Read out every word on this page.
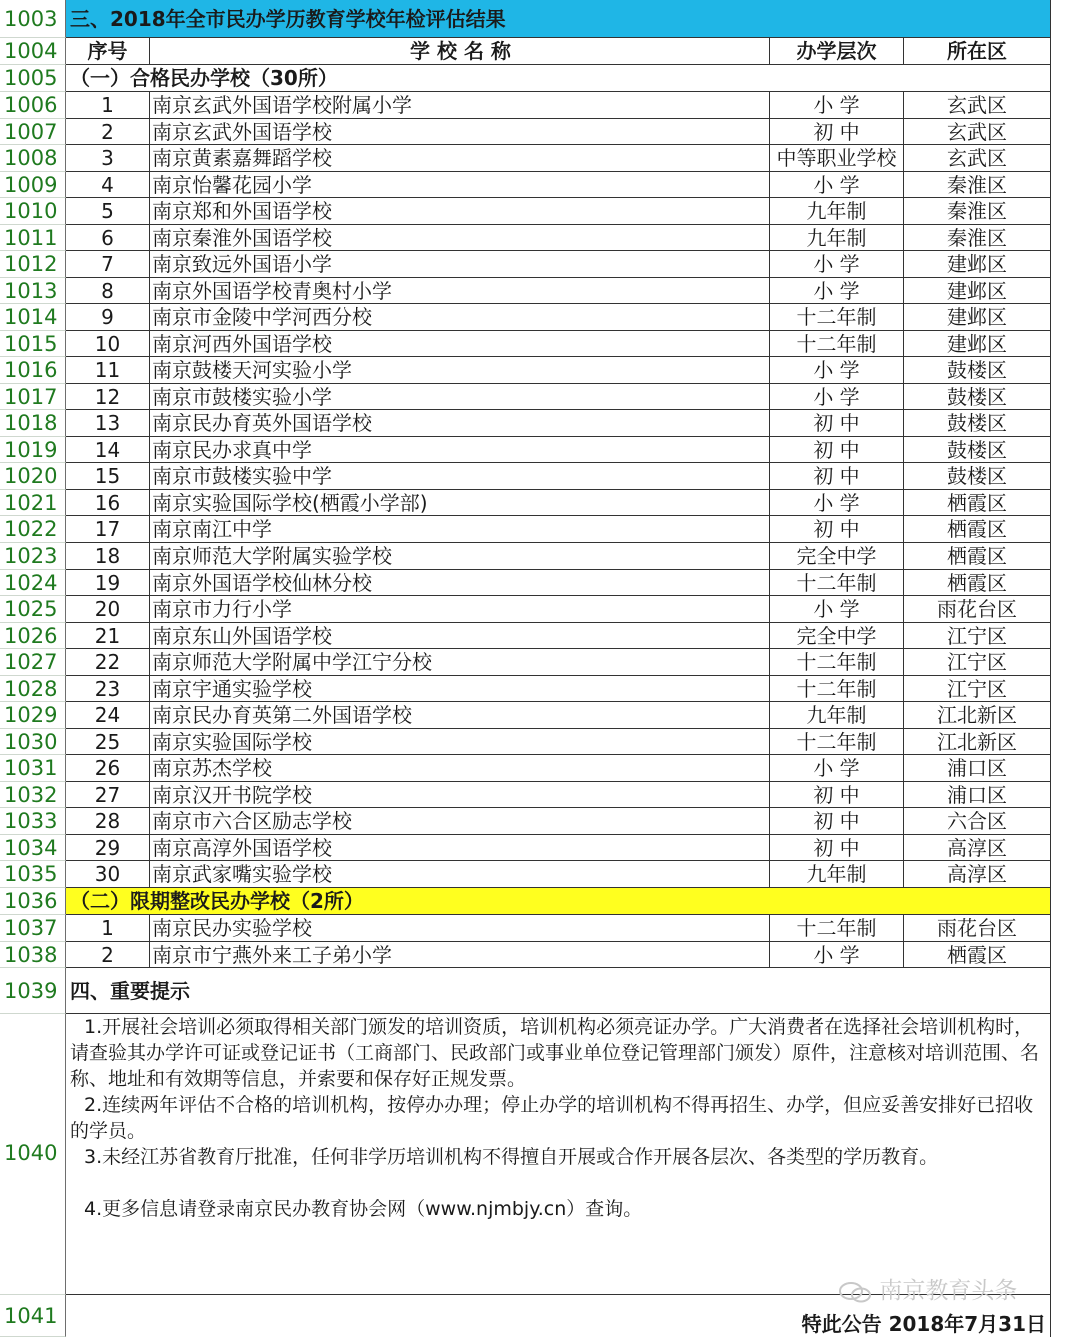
1003 三、2018年全市民办学历教育学校年检评估结果
1004	序号	学 校 名 称	办学层次	所在区
1005 （一）合格民办学校（30所）
1006	1	南京玄武外国语学校附属小学	小 学	玄武区
1007	2	南京玄武外国语学校	初 中	玄武区
1008	3	南京黄素嘉舞蹈学校	中等职业学校	玄武区
1009	4	南京怡馨花园小学	小 学	秦淮区
1010	5	南京郑和外国语学校	九年制	秦淮区
1011	6	南京秦淮外国语学校	九年制	秦淮区
1012	7	南京致远外国语小学	小 学	建邺区
1013	8	南京外国语学校青奥村小学	小 学	建邺区
1014	9	南京市金陵中学河西分校	十二年制	建邺区
1015	10	南京河西外国语学校	十二年制	建邺区
1016	11	南京鼓楼天河实验小学	小 学	鼓楼区
1017	12	南京市鼓楼实验小学	小 学	鼓楼区
1018	13	南京民办育英外国语学校	初 中	鼓楼区
1019	14	南京民办求真中学	初 中	鼓楼区
1020	15	南京市鼓楼实验中学	初 中	鼓楼区
1021	16	南京实验国际学校(栖霞小学部)	小 学	栖霞区
1022	17	南京南江中学	初 中	栖霞区
1023	18	南京师范大学附属实验学校	完全中学	栖霞区
1024	19	南京外国语学校仙林分校	十二年制	栖霞区
1025	20	南京市力行小学	小 学	雨花台区
1026	21	南京东山外国语学校	完全中学	江宁区
1027	22	南京师范大学附属中学江宁分校	十二年制	江宁区
1028	23	南京宇通实验学校	十二年制	江宁区
1029	24	南京民办育英第二外国语学校	九年制	江北新区
1030	25	南京实验国际学校	十二年制	江北新区
1031	26	南京苏杰学校	小 学	浦口区
1032	27	南京汉开书院学校	初 中	浦口区
1033	28	南京市六合区励志学校	初 中	六合区
1034	29	南京高淳外国语学校	初 中	高淳区
1035	30	南京武家嘴实验学校	九年制	高淳区
1036 （二）限期整改民办学校（2所）
1037	1	南京民办实验学校	十二年制	雨花台区
1038	2	南京市宁燕外来工子弟小学	小 学	栖霞区
1039 四、重要提示
1040

1.开展社会培训必须取得相关部门颁发的培训资质，培训机构必须亮证办学。广大消费者在选择社会培训机构时，请查验其办学许可证或登记证书（工商部门、民政部门或事业单位登记管理部门颁发）原件，注意核对培训范围、名称、地址和有效期等信息，并索要和保存好正规发票。

2.连续两年评估不合格的培训机构，按停办办理；停止办学的培训机构不得再招生、办学，但应妥善安排好已招收的学员。

3.未经江苏省教育厅批准，任何非学历培训机构不得擅自开展或合作开展各层次、各类型的学历教育。

4.更多信息请登录南京民办教育协会网（www.njmbjy.cn）查询。

1041	特此公告 2018年7月31日
南京教育头条
